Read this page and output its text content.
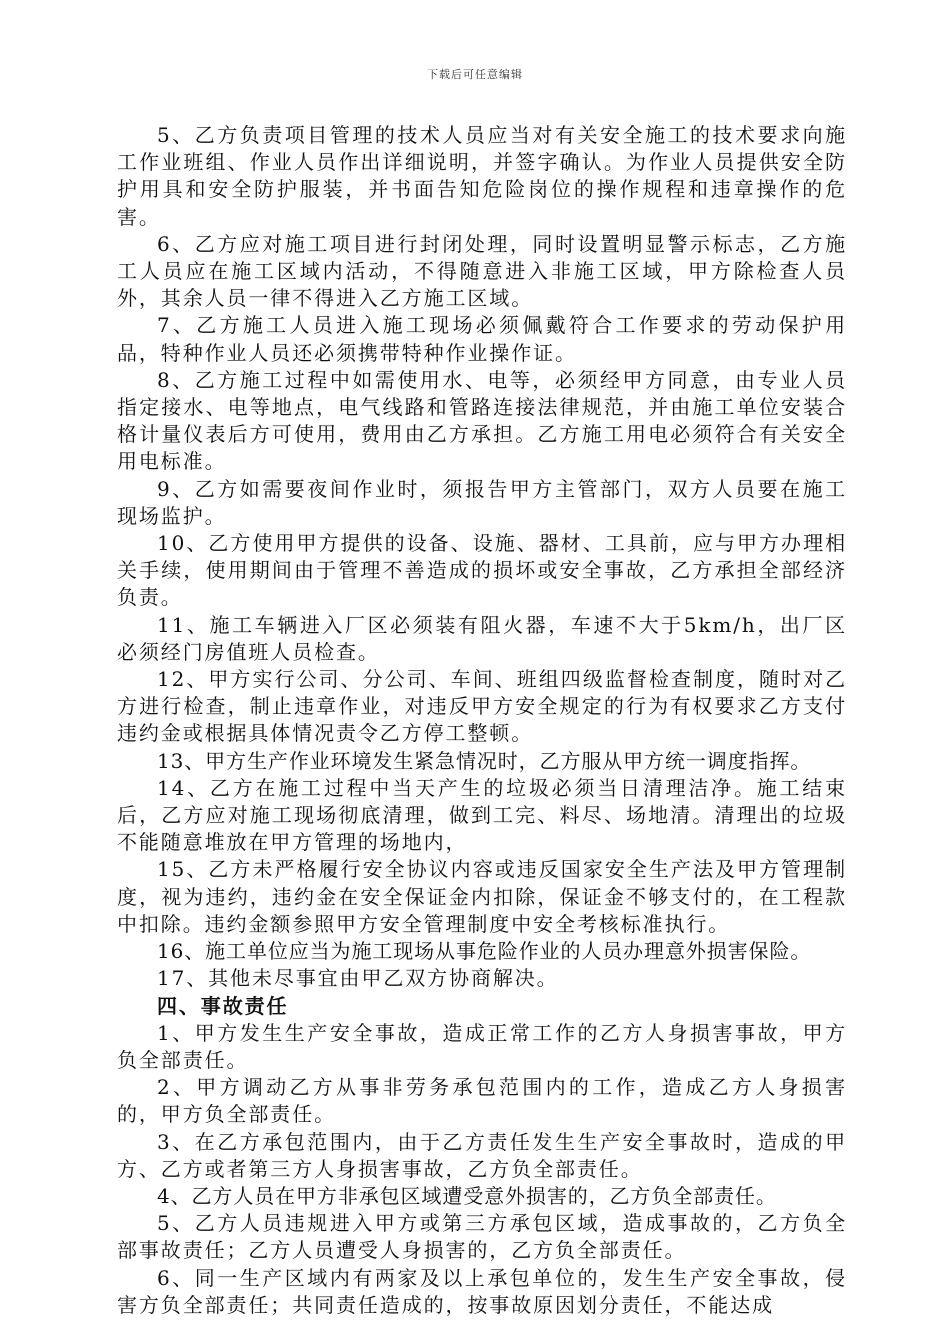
下载后可任意编辑

5、乙方负责项目管理的技术人员应当对有关安全施工的技术要求向施工作业班组、作业人员作出详细说明，并签字确认。为作业人员提供安全防护用具和安全防护服装，并书面告知危险岗位的操作规程和违章操作的危害。

6、乙方应对施工项目进行封闭处理，同时设置明显警示标志，乙方施工人员应在施工区域内活动，不得随意进入非施工区域，甲方除检查人员外，其余人员一律不得进入乙方施工区域。

7、乙方施工人员进入施工现场必须佩戴符合工作要求的劳动保护用品，特种作业人员还必须携带特种作业操作证。

8、乙方施工过程中如需使用水、电等，必须经甲方同意，由专业人员指定接水、电等地点，电气线路和管路连接法律规范，并由施工单位安装合格计量仪表后方可使用，费用由乙方承担。乙方施工用电必须符合有关安全用电标准。

9、乙方如需要夜间作业时，须报告甲方主管部门，双方人员要在施工现场监护。

10、乙方使用甲方提供的设备、设施、器材、工具前，应与甲方办理相关手续，使用期间由于管理不善造成的损坏或安全事故，乙方承担全部经济负责。

11、施工车辆进入厂区必须装有阻火器，车速不大于5km/h，出厂区必须经门房值班人员检查。

12、甲方实行公司、分公司、车间、班组四级监督检查制度，随时对乙方进行检查，制止违章作业，对违反甲方安全规定的行为有权要求乙方支付违约金或根据具体情况责令乙方停工整顿。

13、甲方生产作业环境发生紧急情况时，乙方服从甲方统一调度指挥。

14、乙方在施工过程中当天产生的垃圾必须当日清理洁净。施工结束后，乙方应对施工现场彻底清理，做到工完、料尽、场地清。清理出的垃圾不能随意堆放在甲方管理的场地内，

15、乙方未严格履行安全协议内容或违反国家安全生产法及甲方管理制度，视为违约，违约金在安全保证金内扣除，保证金不够支付的，在工程款中扣除。违约金额参照甲方安全管理制度中安全考核标准执行。

16、施工单位应当为施工现场从事危险作业的人员办理意外损害保险。

17、其他未尽事宜由甲乙双方协商解决。

四、事故责任

1、甲方发生生产安全事故，造成正常工作的乙方人身损害事故，甲方负全部责任。

2、甲方调动乙方从事非劳务承包范围内的工作，造成乙方人身损害的，甲方负全部责任。

3、在乙方承包范围内，由于乙方责任发生生产安全事故时，造成的甲方、乙方或者第三方人身损害事故，乙方负全部责任。

4、乙方人员在甲方非承包区域遭受意外损害的，乙方负全部责任。

5、乙方人员违规进入甲方或第三方承包区域，造成事故的，乙方负全部事故责任；乙方人员遭受人身损害的，乙方负全部责任。

6、同一生产区域内有两家及以上承包单位的，发生生产安全事故，侵害方负全部责任；共同责任造成的，按事故原因划分责任，不能达成
